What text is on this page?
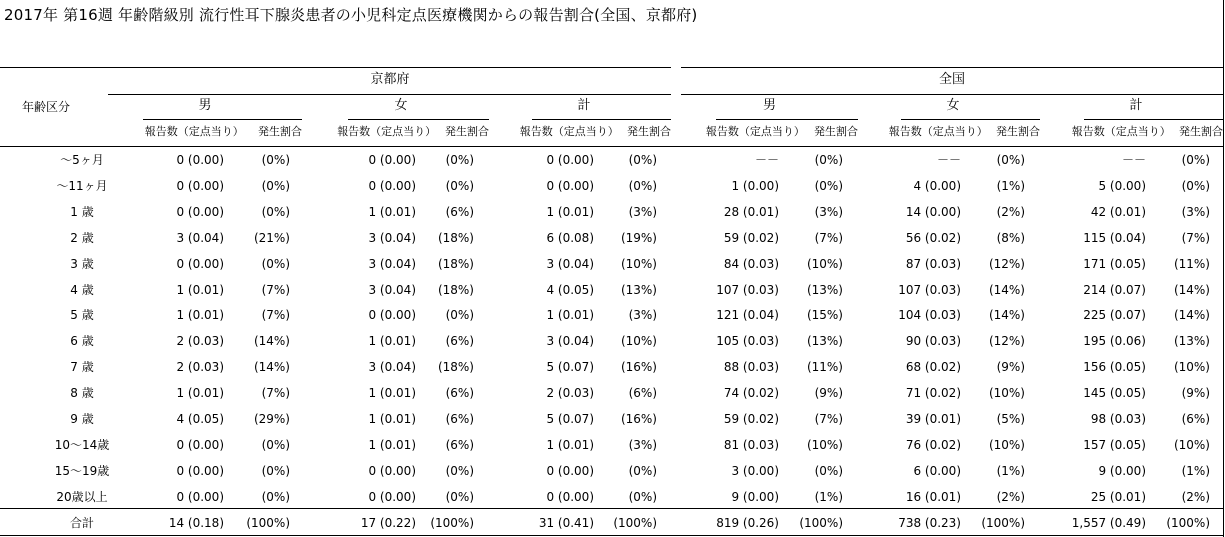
2017年 第16週 年齢階級別 流行性耳下腺炎患者の小児科定点医療機関からの報告割合(全国、京都府)
年齢区分
京都府	全国
男
報告数（定点当り）	発生割合
女
報告数（定点当り） 発生割合
計
報告数（定点当り） 発生割合
男
報告数（定点当り） 発生割合
女
報告数（定点当り） 発生割合
計
報告数（定点当り） 発生割合
～5ヶ月	0 (0.00)	(0%)	0 (0.00)	(0%)	0 (0.00)	(0%)	－－	(0%)	－－	(0%)	－－	(0%)
～11ヶ月	0 (0.00)	(0%)	0 (0.00)	(0%)	0 (0.00)	(0%)	1 (0.00)	(0%)	4 (0.00)	(1%)	5 (0.00)	(0%)
1 歳	0 (0.00)	(0%)	1 (0.01)	(6%)	1 (0.01)	(3%)	28 (0.01)	(3%)	14 (0.00)	(2%)	42 (0.01)	(3%)
2 歳	3 (0.04)	(21%)	3 (0.04)	(18%)	6 (0.08)	(19%)	59 (0.02)	(7%)	56 (0.02)	(8%)	115 (0.04)	(7%)
3 歳	0 (0.00)	(0%)	3 (0.04)	(18%)	3 (0.04)	(10%)	84 (0.03)	(10%)	87 (0.03)	(12%)	171 (0.05)	(11%)
4 歳	1 (0.01)	(7%)	3 (0.04)	(18%)	4 (0.05)	(13%)	107 (0.03)	(13%)	107 (0.03)	(14%)	214 (0.07)	(14%)
5 歳	1 (0.01)	(7%)	0 (0.00)	(0%)	1 (0.01)	(3%)	121 (0.04)	(15%)	104 (0.03)	(14%)	225 (0.07)	(14%)
6 歳	2 (0.03)	(14%)	1 (0.01)	(6%)	3 (0.04)	(10%)	105 (0.03)	(13%)	90 (0.03)	(12%)	195 (0.06)	(13%)
7 歳	2 (0.03)	(14%)	3 (0.04)	(18%)	5 (0.07)	(16%)	88 (0.03)	(11%)	68 (0.02)	(9%)	156 (0.05)	(10%)
8 歳	1 (0.01)	(7%)	1 (0.01)	(6%)	2 (0.03)	(6%)	74 (0.02)	(9%)	71 (0.02)	(10%)	145 (0.05)	(9%)
9 歳	4 (0.05)	(29%)	1 (0.01)	(6%)	5 (0.07)	(16%)	59 (0.02)	(7%)	39 (0.01)	(5%)	98 (0.03)	(6%)
10～14歳	0 (0.00)	(0%)	1 (0.01)	(6%)	1 (0.01)	(3%)	81 (0.03)	(10%)	76 (0.02)	(10%)	157 (0.05)	(10%)
15～19歳	0 (0.00)	(0%)	0 (0.00)	(0%)	0 (0.00)	(0%)	3 (0.00)	(0%)	6 (0.00)	(1%)	9 (0.00)	(1%)
20歳以上	0 (0.00)	(0%)	0 (0.00)	(0%)	0 (0.00)	(0%)	9 (0.00)	(1%)	16 (0.01)	(2%)	25 (0.01)	(2%)
合計	14 (0.18)	(100%)	17 (0.22)	(100%)	31 (0.41)	(100%)	819 (0.26)	(100%)	738 (0.23)	(100%)	1,557 (0.49)	(100%)
